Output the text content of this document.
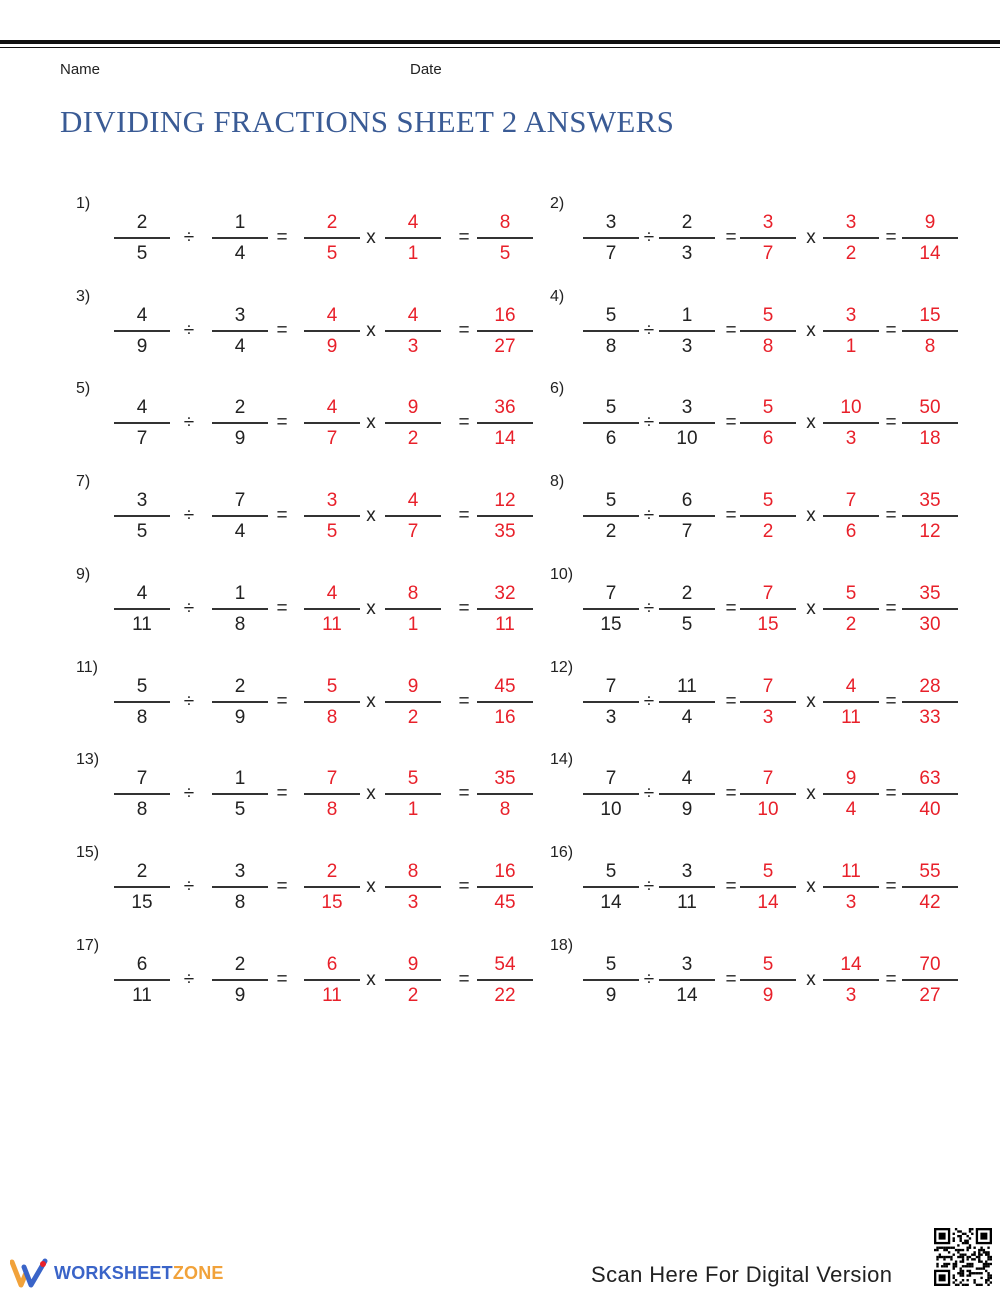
Name	Date
DIVIDING FRACTIONS SHEET 2 ANSWERS
1)
2
5
÷
1
4
=
2
5
x
4
1
=
8
5
2)
3
7
÷
2
3
=
3
7
x
3
2
=
9
14
3)
4
9
÷
3
4
=
4
9
x
4
3
=
16
27
4)
5
8
÷
1
3
=
5
8
x
3
1
=
15
8
5)
4
7
÷
2
9
=
4
7
x
9
2
=
36
14
6)
5
6
÷
3
10
=
5
6
x
10
3
=
50
18
7)
3
5
÷
7
4
=
3
5
x
4
7
=
12
35
8)
5
2
÷
6
7
=
5
2
x
7
6
=
35
12
9)
4
11
÷
1
8
=
4
11
x
8
1
=
32
11
10)
7
15
÷
2
5
=
7
15
x
5
2
=
35
30
11)
5
8
÷
2
9
=
5
8
x
9
2
=
45
16
12)
7
3
÷
11
4
=
7
3
x
4
11
=
28
33
13)
7
8
÷
1
5
=
7
8
x
5
1
=
35
8
14)
7
10
÷
4
9
=
7
10
x
9
4
=
63
40
15)
2
15
÷
3
8
=
2
15
x
8
3
=
16
45
16)
5
14
÷
3
11
=
5
14
x
11
3
=
55
42
17)
6
11
÷
2
9
=
6
11
x
9
2
=
54
22
18)
5
9
÷
3
14
=
5
9
x
14
3
=
70
27
WORKSHEETZONE	Scan Here For Digital Version
